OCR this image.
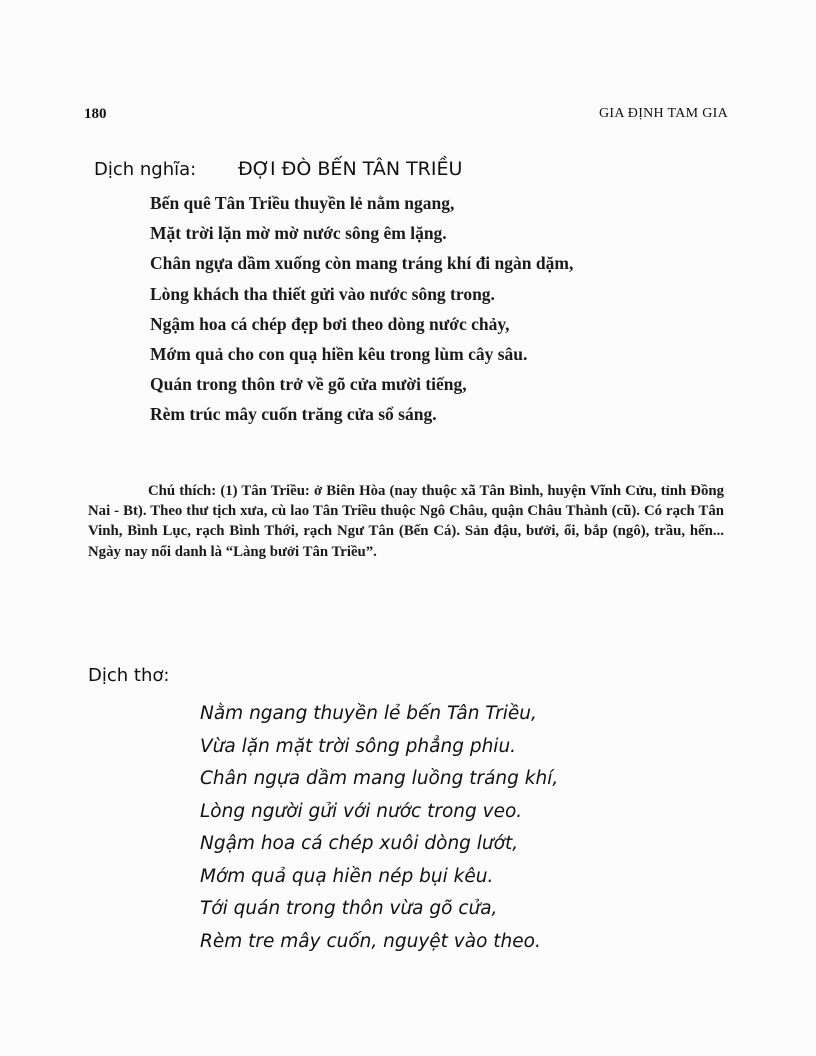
180	GIA ĐỊNH TAM GIA
Dịch nghĩa: ĐỢI ĐÒ BẾN TÂN TRIỀU
Bến quê Tân Triều thuyền lẻ nằm ngang,
Mặt trời lặn mờ mờ nước sông êm lặng.
Chân ngựa dầm xuống còn mang tráng khí đi ngàn dặm,
Lòng khách tha thiết gửi vào nước sông trong.
Ngậm hoa cá chép đẹp bơi theo dòng nước chảy,
Mớm quả cho con quạ hiền kêu trong lùm cây sâu.
Quán trong thôn trở về gõ cửa mười tiếng,
Rèm trúc mây cuốn trăng cửa sổ sáng.
Chú thích: (1) Tân Triều: ở Biên Hòa (nay thuộc xã Tân Bình, huyện Vĩnh Cửu, tỉnh Đồng Nai - Bt). Theo thư tịch xưa, cù lao Tân Triều thuộc Ngô Châu, quận Châu Thành (cũ). Có rạch Tân Vinh, Bình Lục, rạch Bình Thới, rạch Ngư Tân (Bến Cá). Sản đậu, bưởi, ổi, bắp (ngô), trầu, hến... Ngày nay nổi danh là “Làng bưởi Tân Triều”.
Dịch thơ:
Nằm ngang thuyền lẻ bến Tân Triều,
Vừa lặn mặt trời sông phẳng phiu.
Chân ngựa dầm mang luồng tráng khí,
Lòng người gửi với nước trong veo.
Ngậm hoa cá chép xuôi dòng lướt,
Mớm quả quạ hiền nép bụi kêu.
Tới quán trong thôn vừa gõ cửa,
Rèm tre mây cuốn, nguyệt vào theo.
